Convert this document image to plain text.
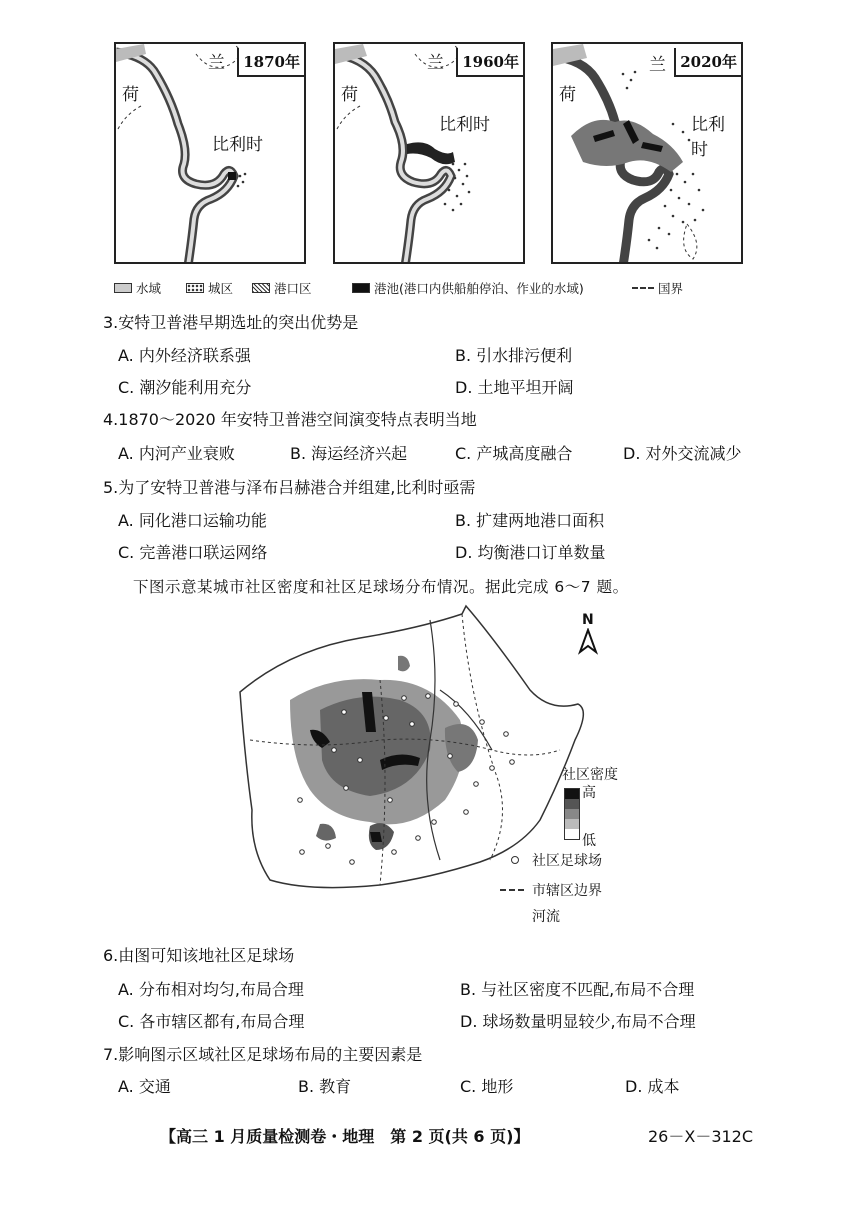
1870年
荷
兰
比利时
1960年
荷
兰
比利时
2020年
荷
兰
比利时
水域	城区	港口区	港池(港口内供船舶停泊、作业的水域)	国界
3.安特卫普港早期选址的突出优势是
A. 内外经济联系强	B. 引水排污便利
C. 潮汐能利用充分	D. 土地平坦开阔
4.1870～2020 年安特卫普港空间演变特点表明当地
A. 内河产业衰败	B. 海运经济兴起	C. 产城高度融合	D. 对外交流减少
5.为了安特卫普港与泽布吕赫港合并组建,比利时亟需
A. 同化港口运输功能	B. 扩建两地港口面积
C. 完善港口联运网络	D. 均衡港口订单数量
下图示意某城市社区密度和社区足球场分布情况。据此完成 6～7 题。
N
社区密度
高
低
社区足球场
市辖区边界
河流
6.由图可知该地社区足球场
A. 分布相对均匀,布局合理	B. 与社区密度不匹配,布局不合理
C. 各市辖区都有,布局合理	D. 球场数量明显较少,布局不合理
7.影响图示区域社区足球场布局的主要因素是
A. 交通	B. 教育	C. 地形	D. 成本
【高三 1 月质量检测卷・地理　第 2 页(共 6 页)】	26－X－312C
